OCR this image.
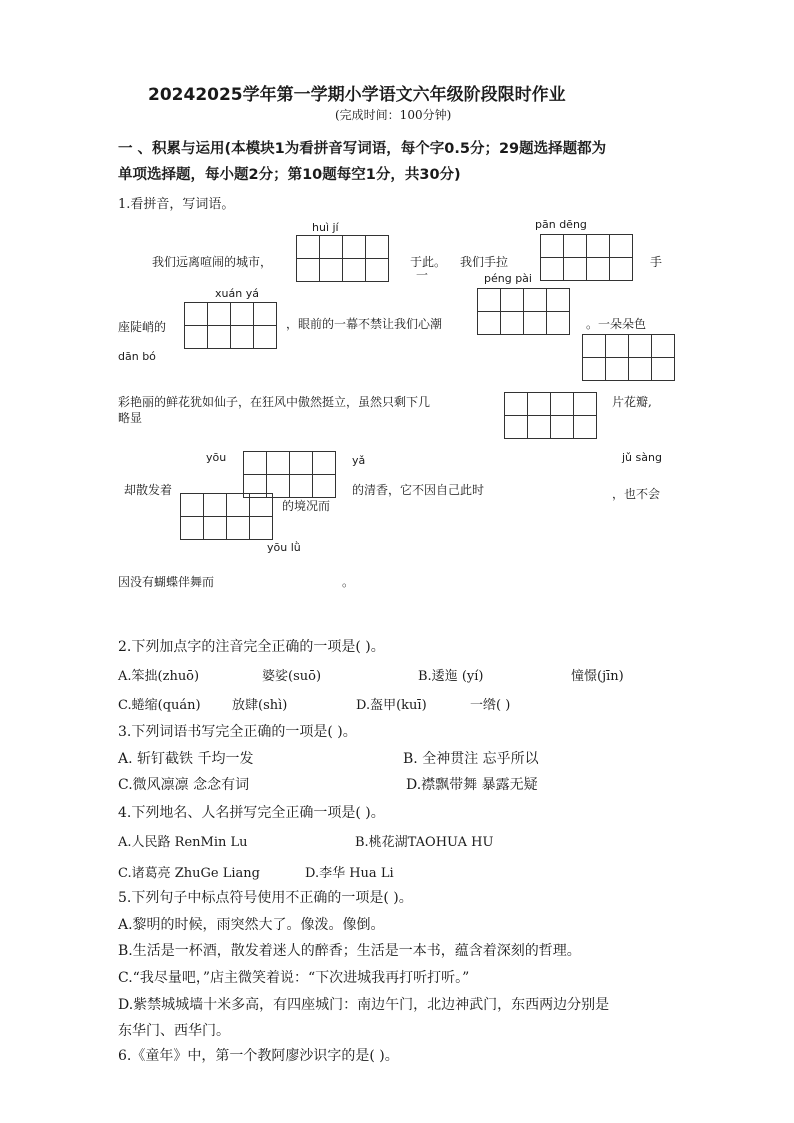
20242025学年第一学期小学语文六年级阶段限时作业
(完成时间：100分钟)
一 、积累与运用(本模块1为看拼音写词语，每个字0.5分；29题选择题都为
单项选择题，每小题2分；第10题每空1分，共30分)
1.看拼音，写词语。
huì jí	pān dēng
我们远离喧闹的城市，

				于此。
一
我们手拉

				手
péng pài
xuán yá
座陡峭的

				，眼前的一幕不禁让我们心潮

				。一朵朵色
dān bó

彩艳丽的鲜花犹如仙子，在狂风中傲然挺立，虽然只剩下几
略显

片花瓣,
yōu

				yǎ	jǔ sàng
却散发着	的清香，它不因自己此时	，也不会

的境况而
yōu lǜ
因没有蝴蝶伴舞而	。
2.下列加点字的注音完全正确的一项是( )。
A.笨拙(zhuō)	婆娑(suō)	B.逶迤 (yí)	憧憬(jīn)
C.蜷缩(quán) 放肆(shì)	D.盔甲(kuī)	一绺( )
3.下列词语书写完全正确的一项是( )。
A. 斩钉截铁 千均一发	B. 全神贯注 忘乎所以
C.微风凛凛 念念有词	D.襟飘带舞 暴露无疑
4.下列地名、人名拼写完全正确一项是( )。
A.人民路 RenMin Lu	B.桃花湖TAOHUA HU
C.诸葛亮 ZhuGe Liang	D.李华 Hua Li
5.下列句子中标点符号使用不正确的一项是( )。
A.黎明的时候，雨突然大了。像泼。像倒。
B.生活是一杯酒，散发着迷人的醉香；生活是一本书，蕴含着深刻的哲理。
C.“我尽量吧，”店主微笑着说：“下次进城我再打听打听。”
D.紫禁城城墙十米多高，有四座城门：南边午门，北边神武门，东西两边分别是
东华门、西华门。
6.《童年》中，第一个教阿廖沙识字的是( )。
